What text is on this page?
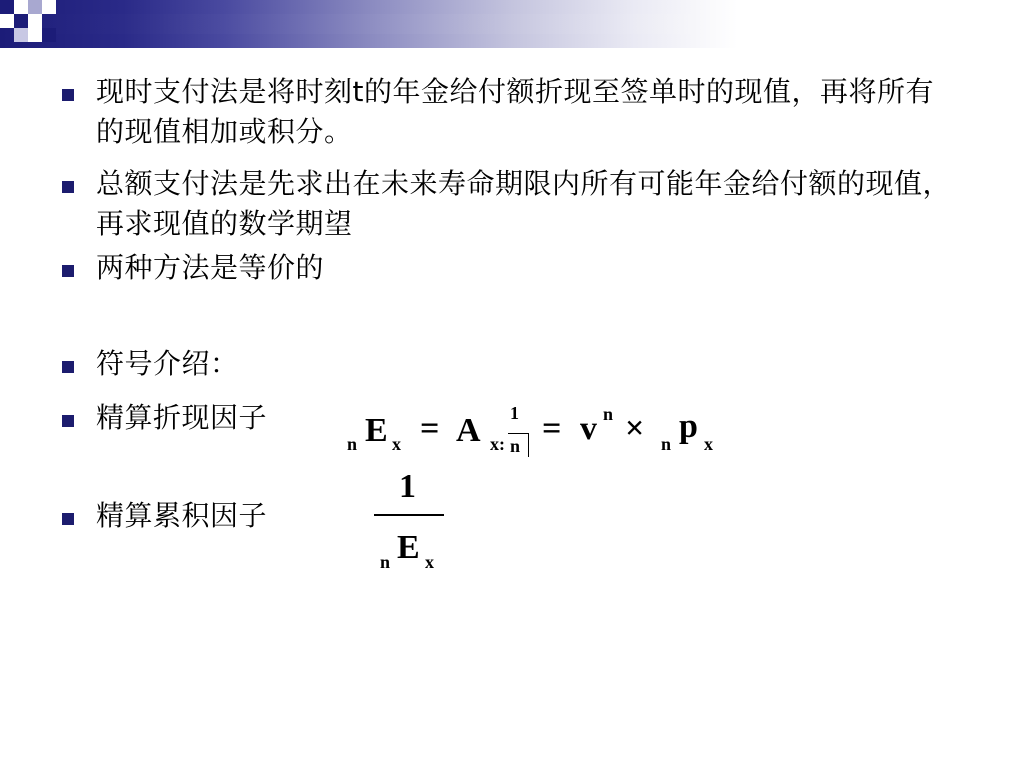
现时支付法是将时刻t的年金给付额折现至签单时的现值，再将所有的现值相加或积分。
总额支付法是先求出在未来寿命期限内所有可能年金给付额的现值，再求现值的数学期望
两种方法是等价的
符号介绍：
精算折现因子
精算累积因子
n E x = A x:
1
n = v n × n p x
1
n E x
